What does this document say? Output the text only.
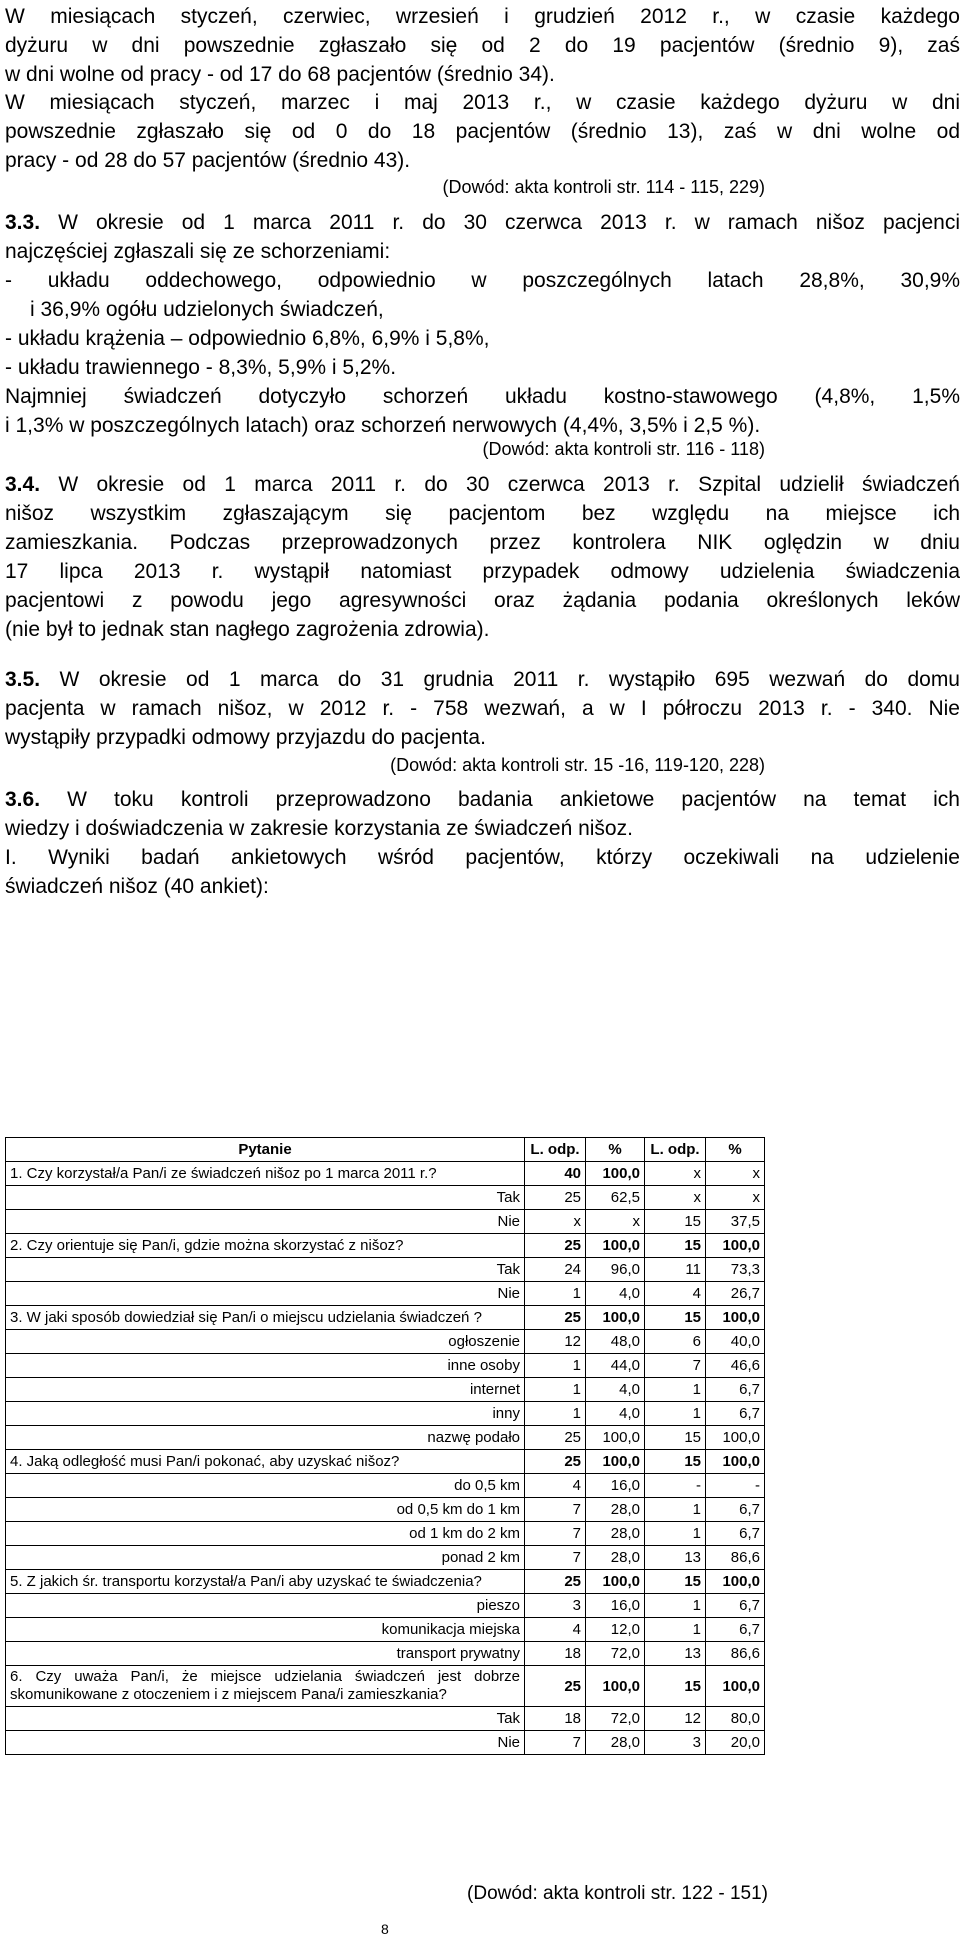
W miesiącach styczeń, czerwiec, wrzesień i grudzień 2012 r., w czasie każdego
dyżuru w dni powszednie zgłaszało się od 2 do 19 pacjentów (średnio 9), zaś
w dni wolne od pracy - od 17 do 68 pacjentów (średnio 34).
W miesiącach styczeń, marzec i maj 2013 r., w czasie każdego dyżuru w dni
powszednie zgłaszało się od 0 do 18 pacjentów (średnio 13), zaś w dni wolne od
pracy - od 28 do 57 pacjentów (średnio 43).
(Dowód: akta kontroli str. 114 - 115, 229)
3.3. W okresie od 1 marca 2011 r. do 30 czerwca 2013 r. w ramach nišoz pacjenci
najczęściej zgłaszali się ze schorzeniami:
- układu oddechowego, odpowiednio w poszczególnych latach 28,8%, 30,9%
i 36,9% ogółu udzielonych świadczeń,
- układu krążenia – odpowiednio 6,8%, 6,9% i 5,8%,
- układu trawiennego - 8,3%, 5,9% i 5,2%.
Najmniej świadczeń dotyczyło schorzeń układu kostno-stawowego (4,8%, 1,5%
i 1,3% w poszczególnych latach) oraz schorzeń nerwowych (4,4%, 3,5% i 2,5 %).
(Dowód: akta kontroli str. 116 - 118)
3.4. W okresie od 1 marca 2011 r. do 30 czerwca 2013 r. Szpital udzielił świadczeń
nišoz wszystkim zgłaszającym się pacjentom bez względu na miejsce ich
zamieszkania. Podczas przeprowadzonych przez kontrolera NIK oględzin w dniu
17 lipca 2013 r. wystąpił natomiast przypadek odmowy udzielenia świadczenia
pacjentowi z powodu jego agresywności oraz żądania podania określonych leków
(nie był to jednak stan nagłego zagrożenia zdrowia).
3.5. W okresie od 1 marca do 31 grudnia 2011 r. wystąpiło 695 wezwań do domu
pacjenta w ramach nišoz, w 2012 r. - 758 wezwań, a w I półroczu 2013 r. - 340. Nie
wystąpiły przypadki odmowy przyjazdu do pacjenta.
(Dowód: akta kontroli str. 15 -16, 119-120, 228)
3.6. W toku kontroli przeprowadzono badania ankietowe pacjentów na temat ich
wiedzy i doświadczenia w zakresie korzystania ze świadczeń nišoz.
I. Wyniki badań ankietowych wśród pacjentów, którzy oczekiwali na udzielenie
świadczeń nišoz (40 ankiet):
Pytanie	L. odp.	%	L. odp.	%
1. Czy korzystał/a Pan/i ze świadczeń nišoz po 1 marca 2011 r.?	40	100,0	x	x
Tak	25	62,5	x	x
Nie	x	x	15	37,5
2. Czy orientuje się Pan/i, gdzie można skorzystać z nišoz?	25	100,0	15	100,0
Tak	24	96,0	11	73,3
Nie	1	4,0	4	26,7
3. W jaki sposób dowiedział się Pan/i o miejscu udzielania świadczeń ?	25	100,0	15	100,0
ogłoszenie	12	48,0	6	40,0
inne osoby	1	44,0	7	46,6
internet	1	4,0	1	6,7
inny	1	4,0	1	6,7
nazwę podało	25	100,0	15	100,0
4. Jaką odległość musi Pan/i pokonać, aby uzyskać nišoz?	25	100,0	15	100,0
do 0,5 km	4	16,0	-	-
od 0,5 km do 1 km	7	28,0	1	6,7
od 1 km do 2 km	7	28,0	1	6,7
ponad 2 km	7	28,0	13	86,6
5. Z jakich śr. transportu korzystał/a Pan/i aby uzyskać te świadczenia?	25	100,0	15	100,0
pieszo	3	16,0	1	6,7
komunikacja miejska	4	12,0	1	6,7
transport prywatny	18	72,0	13	86,6
6. Czy uważa Pan/i, że miejsce udzielania świadczeń jest dobrze skomunikowane z otoczeniem i z miejscem Pana/i zamieszkania?	25	100,0	15	100,0
Tak	18	72,0	12	80,0
Nie	7	28,0	3	20,0
(Dowód: akta kontroli str. 122 - 151)
8
